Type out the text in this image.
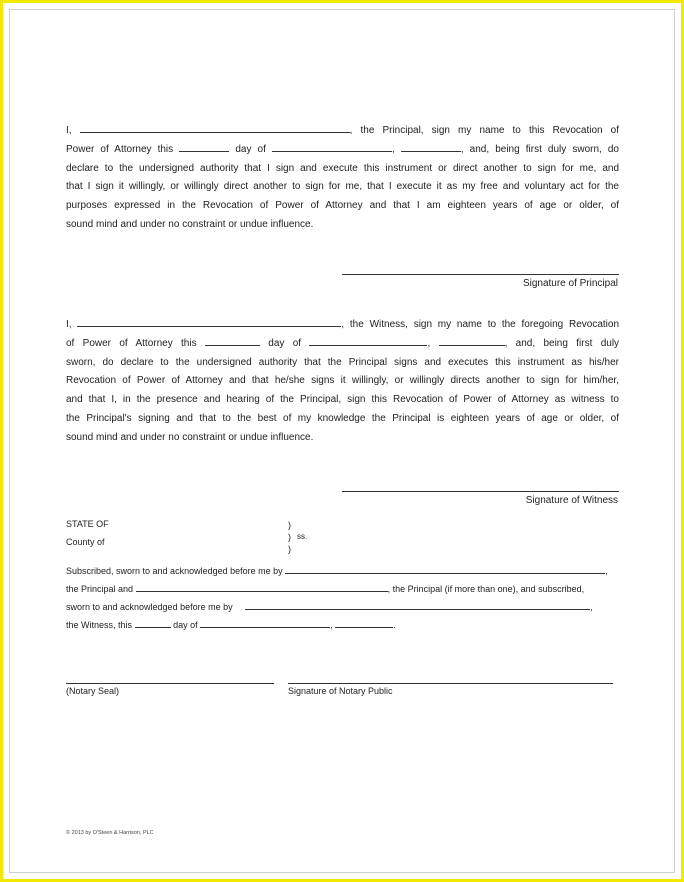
I,	, the Principal, sign my name to this Revocation of
Power of Attorney this	day of	,	, and, being first duly sworn, do
declare to the undersigned authority that I sign and execute this instrument or direct another to sign for me, and
that I sign it willingly, or willingly direct another to sign for me, that I execute it as my free and voluntary act for the
purposes expressed in the Revocation of Power of Attorney and that I am eighteen years of age or older, of
sound mind and under no constraint or undue influence.
Signature of Principal
I,	, the Witness, sign my name to the foregoing Revocation
of Power of Attorney this	day of	,	, and, being first duly
sworn, do declare to the undersigned authority that the Principal signs and executes this instrument as his/her
Revocation of Power of Attorney and that he/she signs it willingly, or willingly directs another to sign for him/her,
and that I, in the presence and hearing of the Principal, sign this Revocation of Power of Attorney as witness to
the Principal's signing and that to the best of my knowledge the Principal is eighteen years of age or older, of
sound mind and under no constraint or undue influence.
Signature of Witness
STATE OF
County of
)
) ss.
)
Subscribed, sworn to and acknowledged before me by	,
the Principal and	, the Principal (if more than one), and subscribed,
sworn to and acknowledged before me by	,
the Witness, this	day of	,	.
(Notary Seal)	Signature of Notary Public
© 2013 by O'Steen & Harrison, PLC
